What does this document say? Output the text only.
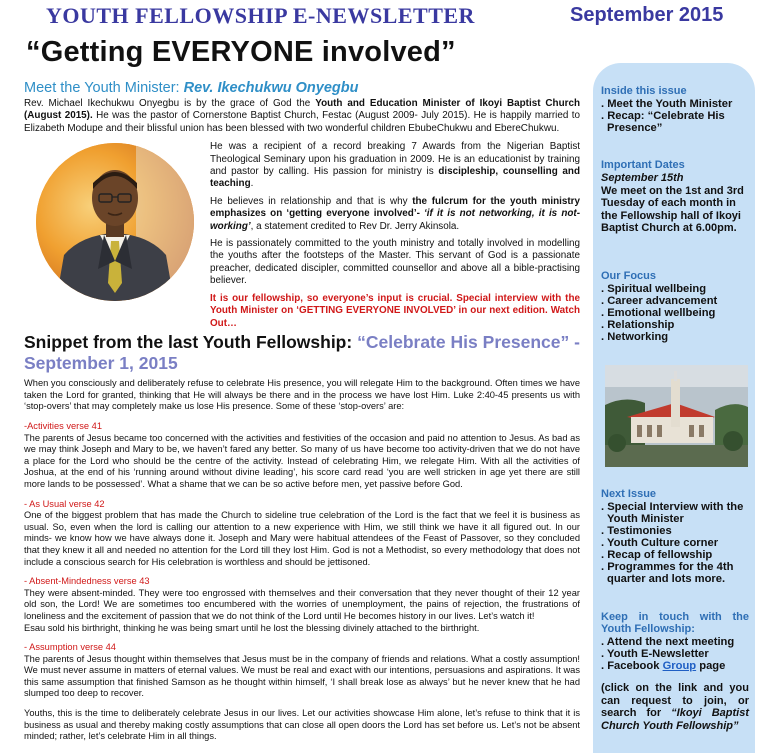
YOUTH FELLOWSHIP E-NEWSLETTER	September 2015
“Getting EVERYONE involved”
Meet the Youth Minister: Rev. Ikechukwu Onyegbu

Rev. Michael Ikechukwu Onyegbu is by the grace of God the Youth and Education Minister of Ikoyi Baptist Church (August 2015). He was the pastor of Cornerstone Baptist Church, Festac (August 2009- July 2015). He is happily married to Elizabeth Modupe and their blissful union has been blessed with two wonderful children EbubeChukwu and EbereChukwu.

He was a recipient of a record breaking 7 Awards from the Nigerian Baptist Theological Seminary upon his graduation in 2009. He is an educationist by training and pastor by calling. His passion for ministry is discipleship, counselling and teaching.

He believes in relationship and that is why the fulcrum for the youth ministry emphasizes on ‘getting everyone involved’- ‘if it is not networking, it is not-working’, a statement credited to Rev Dr. Jerry Akinsola.

He is passionately committed to the youth ministry and totally involved in modelling the youths after the footsteps of the Master. This servant of God is a passionate preacher, dedicated discipler, committed counsellor and above all a bible-practising believer.

It is our fellowship, so everyone’s input is crucial. Special interview with the Youth Minister on ‘GETTING EVERYONE INVOLVED’ in our next edition. Watch Out…

Snippet from the last Youth Fellowship: “Celebrate His Presence” - September 1, 2015

When you consciously and deliberately refuse to celebrate His presence, you will relegate Him to the background. Often times we have taken the Lord for granted, thinking that He will always be there and in the process we have lost Him. Luke 2:40-45 presents us with ‘stop-overs’ that may completely make us lose His presence. Some of these ‘stop-overs’ are:

-Activities verse 41
The parents of Jesus became too concerned with the activities and festivities of the occasion and paid no attention to Jesus. As bad as we may think Joseph and Mary to be, we haven’t fared any better. So many of us have become too activity-driven that we do not have a place for the Lord who should be the centre of the activity. Instead of celebrating Him, we relegate Him. With all the activities of Joshua, at the end of his ‘running around without divine leading’, his score card read ‘you are well stricken in age yet there are still more lands to be possessed’. What a shame that we can be so active before men, yet passive before God.

- As Usual verse 42
One of the biggest problem that has made the Church to sideline true celebration of the Lord is the fact that we feel it is business as usual. So, even when the lord is calling our attention to a new experience with Him, we still think we have it all figured out. In our minds- we know how we have always done it. Joseph and Mary were habitual attendees of the Feast of Passover, so they concluded that they knew it all and needed no attention for the Lord till they lost Him. God is not a Methodist, so every methodology that does not include a conscious search for His celebration is worthless and should be jettisoned.

- Absent-Mindedness verse 43
They were absent-minded. They were too engrossed with themselves and their conversation that they never thought of their 12 year old son, the Lord! We are sometimes too encumbered with the worries of unemployment, the pains of rejection, the frustrations of loneliness and the excitement of passion that we do not think of the Lord until He becomes history in our lives. Let’s watch it!
Esau sold his birthright, thinking he was being smart until he lost the blessing divinely attached to the birthright.

- Assumption verse 44
The parents of Jesus thought within themselves that Jesus must be in the company of friends and relations. What a costly assumption! We must never assume in matters of eternal values. We must be real and exact with our intentions, persuasions and aspirations. It was this same assumption that finished Samson as he thought within himself, ‘I shall break lose as always’ but he never knew that he had slumped too deep to recover.

Youths, this is the time to deliberately celebrate Jesus in our lives. Let our activities showcase Him alone, let’s refuse to think that it is business as usual and thereby making costly assumptions that can close all open doors the Lord has set before us. Let’s not be absent minded; rather, let’s celebrate Him in all things.

Inside this issue
. Meet the Youth Minister
. Recap: “Celebrate His
Presence”
Important Dates
September 15th
We meet on the 1st and 3rd Tuesday of each month in the Fellowship hall of Ikoyi Baptist Church at 6.00pm.
Our Focus
. Spiritual wellbeing
. Career advancement
. Emotional wellbeing
. Relationship
. Networking
Next Issue
. Special Interview with the
Youth Minister
. Testimonies
. Youth Culture corner
. Recap of fellowship
. Programmes for the 4th
quarter and lots more.
Keep in touch with the Youth Fellowship:
. Attend the next meeting
. Youth E-Newsletter
. Facebook Group page
(click on the link and you can request to join, or search for “Ikoyi Baptist Church Youth Fellowship”
